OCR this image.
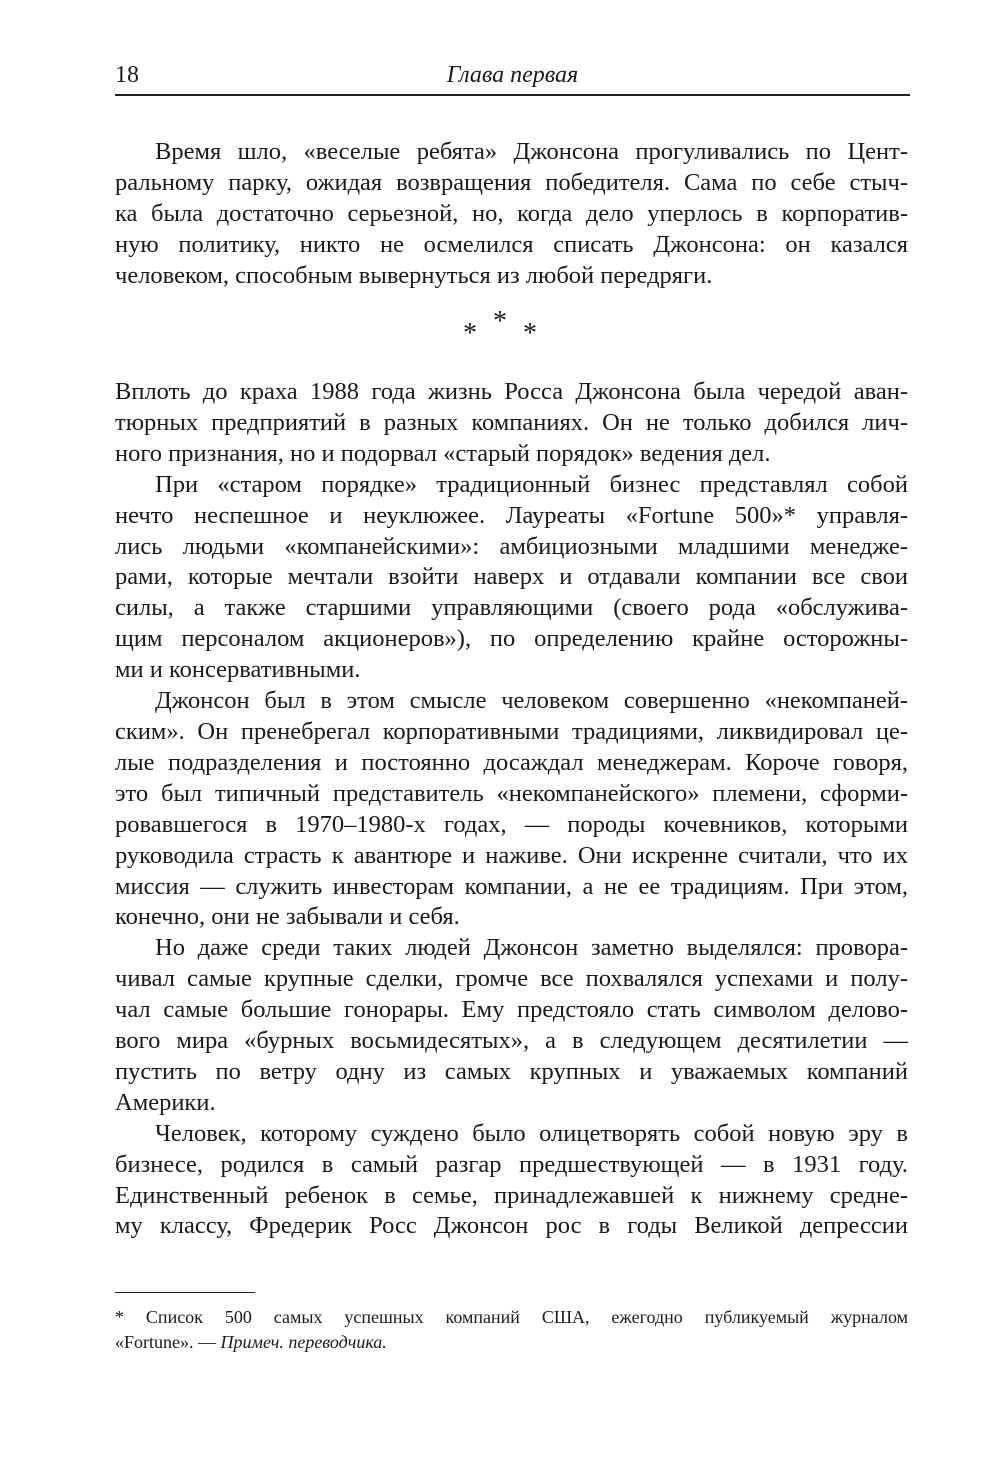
18	Глава первая
Время шло, «веселые ребята» Джонсона прогуливались по Цент-
ральному парку, ожидая возвращения победителя. Сама по себе стыч-
ка была достаточно серьезной, но, когда дело уперлось в корпоратив-
ную политику, никто не осмелился списать Джонсона: он казался
человеком, способным вывернуться из любой передряги.
* * *
Вплоть до краха 1988 года жизнь Росса Джонсона была чередой аван-
тюрных предприятий в разных компаниях. Он не только добился лич-
ного признания, но и подорвал «старый порядок» ведения дел.
При «старом порядке» традиционный бизнес представлял собой
нечто неспешное и неуклюжее. Лауреаты «Fortune 500»* управля-
лись людьми «компанейскими»: амбициозными младшими менедже-
рами, которые мечтали взойти наверх и отдавали компании все свои
силы, а также старшими управляющими (своего рода «обслужива-
щим персоналом акционеров»), по определению крайне осторожны-
ми и консервативными.
Джонсон был в этом смысле человеком совершенно «некомпаней-
ским». Он пренебрегал корпоративными традициями, ликвидировал це-
лые подразделения и постоянно досаждал менеджерам. Короче говоря,
это был типичный представитель «некомпанейского» племени, сформи-
ровавшегося в 1970–1980-х годах, — породы кочевников, которыми
руководила страсть к авантюре и наживе. Они искренне считали, что их
миссия — служить инвесторам компании, а не ее традициям. При этом,
конечно, они не забывали и себя.
Но даже среди таких людей Джонсон заметно выделялся: провора-
чивал самые крупные сделки, громче все похвалялся успехами и полу-
чал самые большие гонорары. Ему предстояло стать символом делово-
вого мира «бурных восьмидесятых», а в следующем десятилетии —
пустить по ветру одну из самых крупных и уважаемых компаний
Америки.
Человек, которому суждено было олицетворять собой новую эру в
бизнесе, родился в самый разгар предшествующей — в 1931 году.
Единственный ребенок в семье, принадлежавшей к нижнему средне-
му классу, Фредерик Росс Джонсон рос в годы Великой депрессии
* Список 500 самых успешных компаний США, ежегодно публикуемый журналом
«Fortune». — Примеч. переводчика.
